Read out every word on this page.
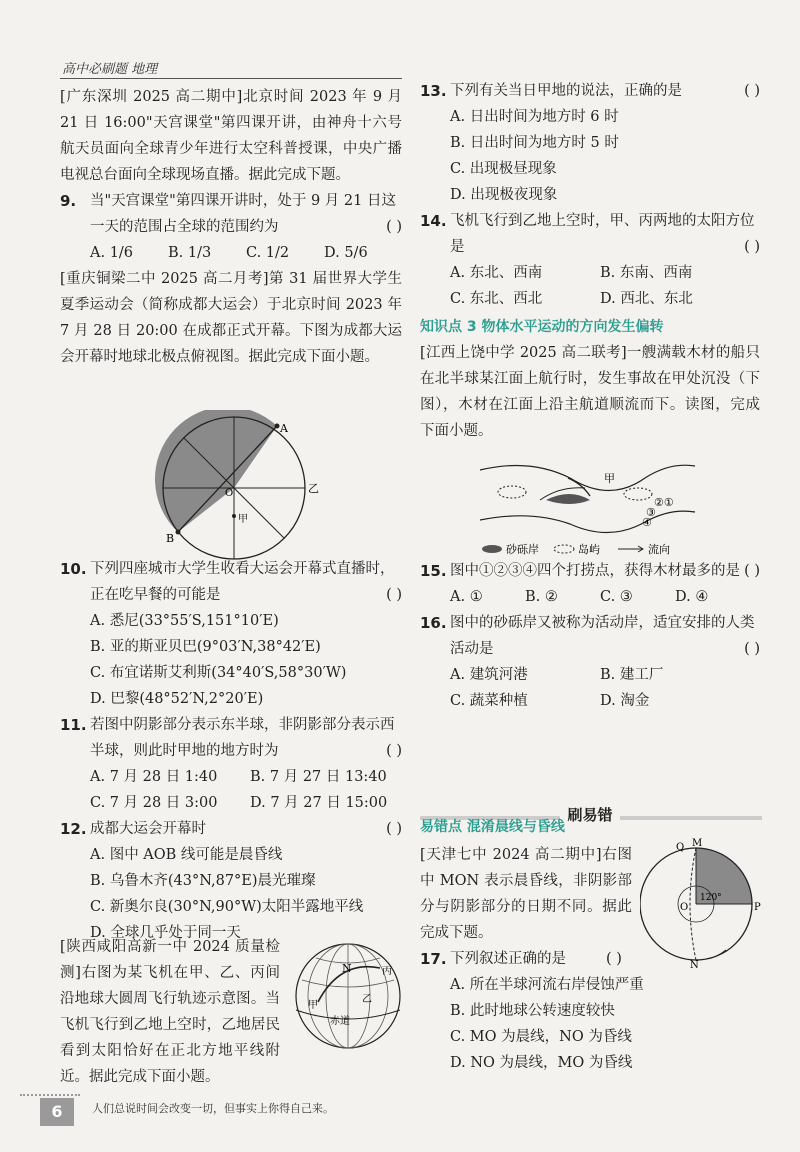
高中必刷题 地理

[广东深圳 2025 高二期中]北京时间 2023 年 9 月 21 日 16:00"天宫课堂"第四课开讲，由神舟十六号航天员面向全球青少年进行太空科普授课，中央广播电视总台面向全球现场直播。据此完成下题。

9. 当"天宫课堂"第四课开讲时，处于 9 月 21 日这一天的范围占全球的范围约为	( )
A. 1/6	B. 1/3	C. 1/2	D. 5/6

[重庆铜梁二中 2025 高二月考]第 31 届世界大学生夏季运动会（简称成都大运会）于北京时间 2023 年 7 月 28 日 20:00 在成都正式开幕。下图为成都大运会开幕时地球北极点俯视图。据此完成下面小题。

A
B
O	乙
甲
10. 下列四座城市大学生收看大运会开幕式直播时，正在吃早餐的可能是	( )

A. 悉尼(33°55′S,151°10′E)

B. 亚的斯亚贝巴(9°03′N,38°42′E)

C. 布宜诺斯艾利斯(34°40′S,58°30′W)

D. 巴黎(48°52′N,2°20′E)

11. 若图中阴影部分表示东半球，非阴影部分表示西半球，则此时甲地的地方时为	( )
A. 7 月 28 日 1:40	B. 7 月 27 日 13:40
C. 7 月 28 日 3:00	D. 7 月 27 日 15:00
12. 成都大运会开幕时	( )

A. 图中 AOB 线可能是晨昏线

B. 乌鲁木齐(43°N,87°E)晨光璀璨

C. 新奥尔良(30°N,90°W)太阳半露地平线

D. 全球几乎处于同一天

[陕西咸阳高新一中 2024 质量检测]右图为某飞机在甲、乙、丙间沿地球大圆周飞行轨迹示意图。当飞机飞行到乙地上空时，乙地居民看到太阳恰好在正北方地平线附近。据此完成下面小题。

N	丙
甲
乙
赤道
13. 下列有关当日甲地的说法，正确的是	( )

A. 日出时间为地方时 6 时

B. 日出时间为地方时 5 时

C. 出现极昼现象

D. 出现极夜现象

14. 飞机飞行到乙地上空时，甲、丙两地的太阳方位是	( )
A. 东北、西南	B. 东南、西南
C. 东北、西北	D. 西北、东北

知识点 3 物体水平运动的方向发生偏转

[江西上饶中学 2025 高二联考]一艘满载木材的船只在北半球某江面上航行时，发生事故在甲处沉没（下图），木材在江面上沿主航道顺流而下。读图，完成下面小题。

甲
②①
③
④
砂砾岸	岛屿	流向
15. 图中①②③④四个打捞点，获得木材最多的是 ( )
A. ①	B. ②	C. ③	D. ④
16. 图中的砂砾岸又被称为活动岸，适宜安排的人类活动是	( )
A. 建筑河港	B. 建工厂
C. 蔬菜种植	D. 淘金
刷易错

易错点 混淆晨线与昏线

[天津七中 2024 高二期中]右图中 MON 表示晨昏线，非阴影部分与阴影部分的日期不同。据此完成下题。

Q M
O
N
P
120°
17. 下列叙述正确的是	( )

A. 所在半球河流右岸侵蚀严重

B. 此时地球公转速度较快

C. MO 为晨线，NO 为昏线

D. NO 为晨线，MO 为昏线

6	人们总说时间会改变一切，但事实上你得自己来。
